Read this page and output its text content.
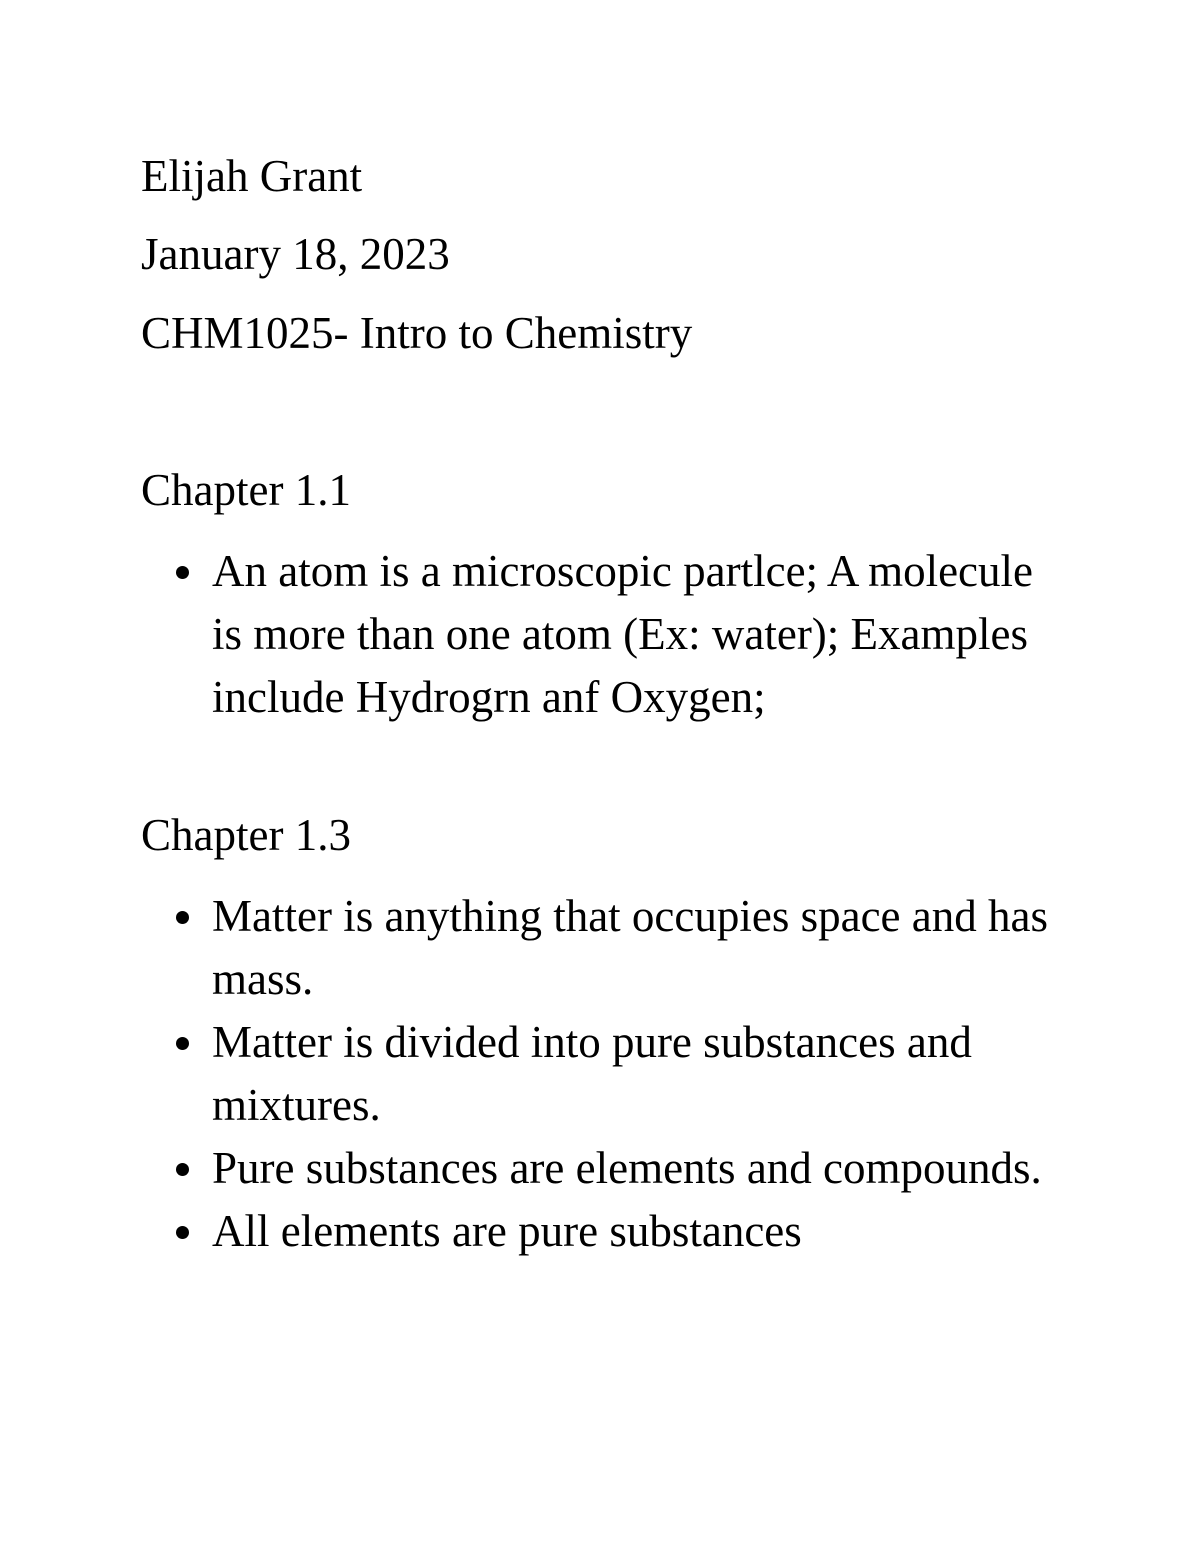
Elijah Grant
January 18, 2023
CHM1025- Intro to Chemistry
Chapter 1.1
An atom is a microscopic partlce; A molecule is more than one atom (Ex: water); Examples include Hydrogrn anf Oxygen;
Chapter 1.3
Matter is anything that occupies space and has mass.
Matter is divided into pure substances and mixtures.
Pure substances are elements and compounds.
All elements are pure substances
